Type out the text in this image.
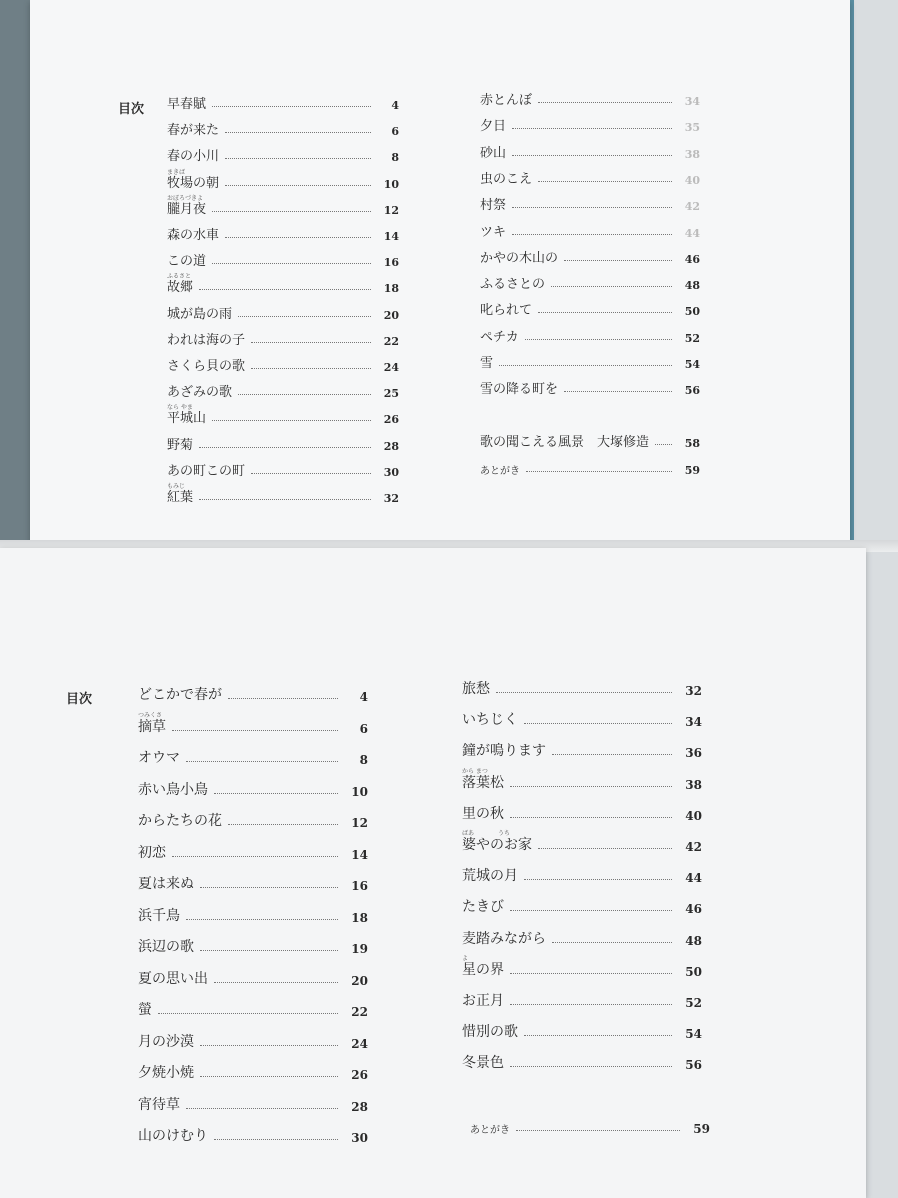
目次 早春賦	4
春が来た	6
春の小川	8
牧場の朝	10
まきば
朧月夜	12
おぼろづきよ
森の水車	14
この道	16
故郷	18
ふるさと
城が島の雨	20
われは海の子	22
さくら貝の歌	24
あざみの歌	25
平城山	26
なら やま
野菊	28
あの町この町	30
紅葉	32
もみじ
赤とんぼ	34
夕日	35
砂山	38
虫のこえ	40
村祭	42
ツキ	44
かやの木山の	46
ふるさとの	48
叱られて	50
ペチカ	52
雪	54
雪の降る町を	56
歌の聞こえる風景　大塚修造	58
あとがき	59
目次	どこかで春が	4
摘草	6
つみくさ
オウマ	8
赤い鳥小鳥	10
からたちの花	12
初恋	14
夏は来ぬ	16
浜千鳥	18
浜辺の歌	19
夏の思い出	20
螢	22
月の沙漠	24
夕焼小焼	26
宵待草	28
山のけむり	30
旅愁	32
いちじく	34
鐘が鳴ります	36
落葉松	38
から まつ
里の秋	40
婆やのお家	42
ばあ　　　　うち
荒城の月	44
たきび	46
麦踏みながら	48
星の界	50
よ
お正月	52
惜別の歌	54
冬景色	56
あとがき	59
